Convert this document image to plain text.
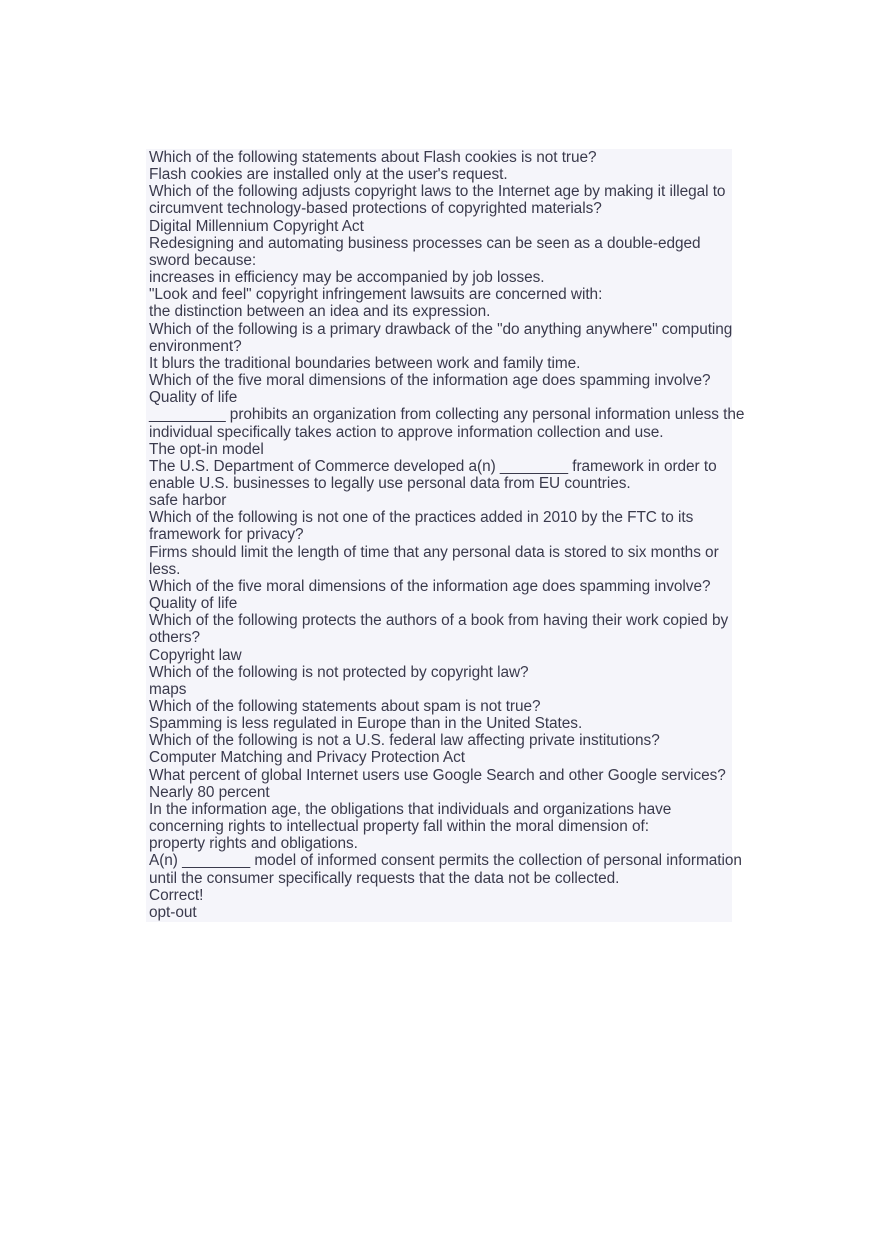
Which of the following statements about Flash cookies is not true?
Flash cookies are installed only at the user's request.
Which of the following adjusts copyright laws to the Internet age by making it illegal to
circumvent technology-based protections of copyrighted materials?
Digital Millennium Copyright Act
Redesigning and automating business processes can be seen as a double-edged
sword because:
increases in efficiency may be accompanied by job losses.
"Look and feel" copyright infringement lawsuits are concerned with:
the distinction between an idea and its expression.
Which of the following is a primary drawback of the "do anything anywhere" computing
environment?
It blurs the traditional boundaries between work and family time.
Which of the five moral dimensions of the information age does spamming involve?
Quality of life
_________ prohibits an organization from collecting any personal information unless the
individual specifically takes action to approve information collection and use.
The opt-in model
The U.S. Department of Commerce developed a(n) ________ framework in order to
enable U.S. businesses to legally use personal data from EU countries.
safe harbor
Which of the following is not one of the practices added in 2010 by the FTC to its
framework for privacy?
Firms should limit the length of time that any personal data is stored to six months or
less.
Which of the five moral dimensions of the information age does spamming involve?
Quality of life
Which of the following protects the authors of a book from having their work copied by
others?
Copyright law
Which of the following is not protected by copyright law?
maps
Which of the following statements about spam is not true?
Spamming is less regulated in Europe than in the United States.
Which of the following is not a U.S. federal law affecting private institutions?
Computer Matching and Privacy Protection Act
What percent of global Internet users use Google Search and other Google services?
Nearly 80 percent
In the information age, the obligations that individuals and organizations have
concerning rights to intellectual property fall within the moral dimension of:
property rights and obligations.
A(n) ________ model of informed consent permits the collection of personal information
until the consumer specifically requests that the data not be collected.
Correct!
opt-out
